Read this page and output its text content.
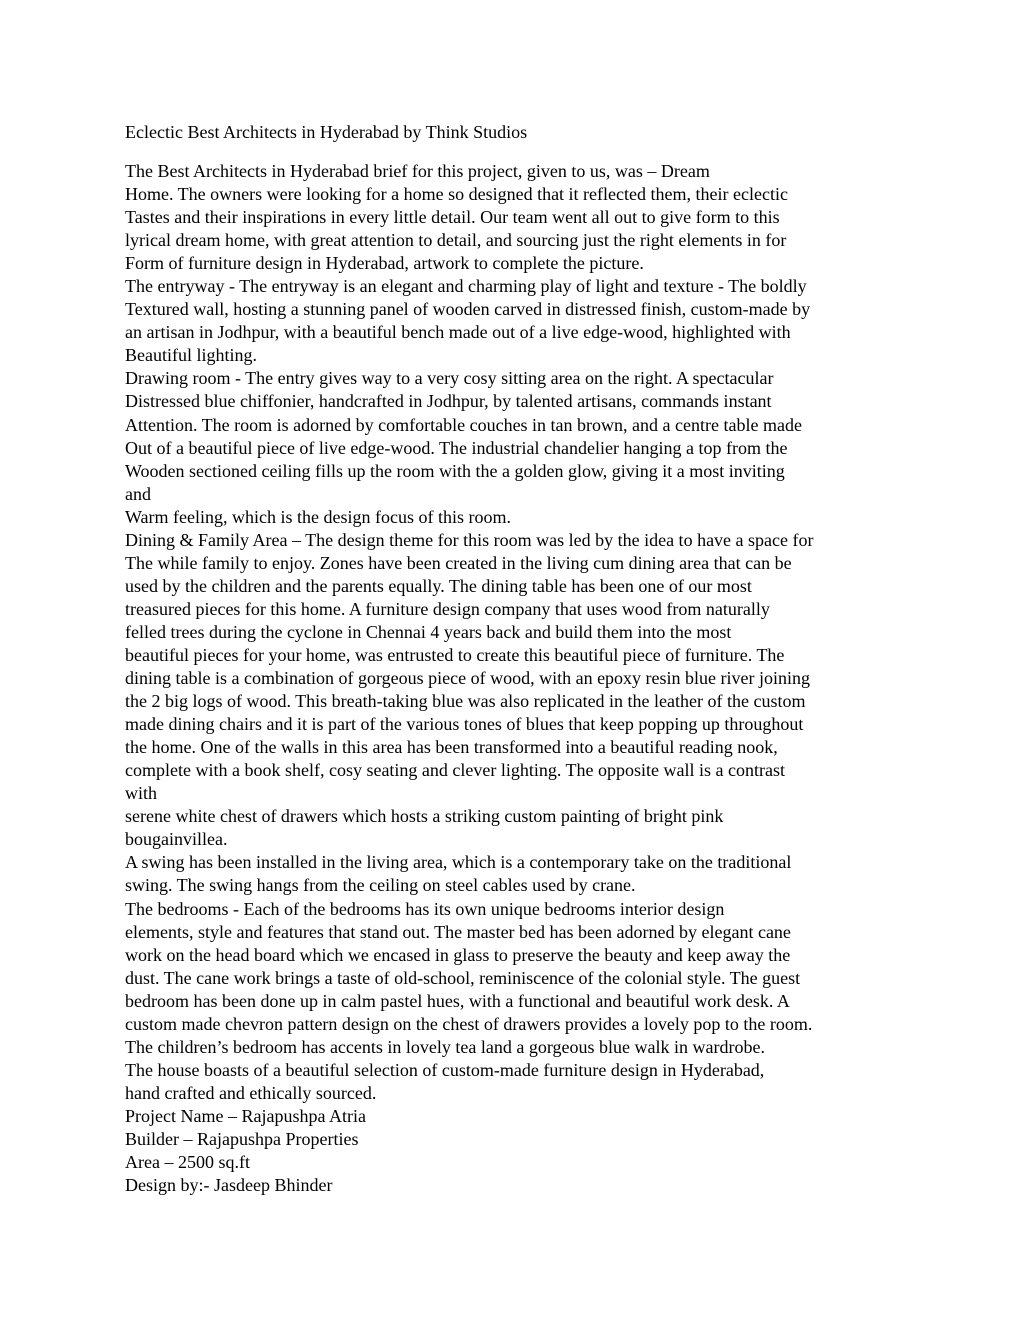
Eclectic Best Architects in Hyderabad by Think Studios
The Best Architects in Hyderabad brief for this project, given to us, was – Dream
Home. The owners were looking for a home so designed that it reflected them, their eclectic
Tastes and their inspirations in every little detail. Our team went all out to give form to this
lyrical dream home, with great attention to detail, and sourcing just the right elements in for
Form of furniture design in Hyderabad, artwork to complete the picture.
The entryway - The entryway is an elegant and charming play of light and texture - The boldly
Textured wall, hosting a stunning panel of wooden carved in distressed finish, custom-made by
an artisan in Jodhpur, with a beautiful bench made out of a live edge-wood, highlighted with
Beautiful lighting.
Drawing room - The entry gives way to a very cosy sitting area on the right. A spectacular
Distressed blue chiffonier, handcrafted in Jodhpur, by talented artisans, commands instant
Attention. The room is adorned by comfortable couches in tan brown, and a centre table made
Out of a beautiful piece of live edge-wood. The industrial chandelier hanging a top from the
Wooden sectioned ceiling fills up the room with the a golden glow, giving it a most inviting
and
Warm feeling, which is the design focus of this room.
Dining & Family Area – The design theme for this room was led by the idea to have a space for
The while family to enjoy. Zones have been created in the living cum dining area that can be
used by the children and the parents equally. The dining table has been one of our most
treasured pieces for this home. A furniture design company that uses wood from naturally
felled trees during the cyclone in Chennai 4 years back and build them into the most
beautiful pieces for your home, was entrusted to create this beautiful piece of furniture. The
dining table is a combination of gorgeous piece of wood, with an epoxy resin blue river joining
the 2 big logs of wood. This breath-taking blue was also replicated in the leather of the custom
made dining chairs and it is part of the various tones of blues that keep popping up throughout
the home. One of the walls in this area has been transformed into a beautiful reading nook,
complete with a book shelf, cosy seating and clever lighting. The opposite wall is a contrast
with
serene white chest of drawers which hosts a striking custom painting of bright pink
bougainvillea.
A swing has been installed in the living area, which is a contemporary take on the traditional
swing. The swing hangs from the ceiling on steel cables used by crane.
The bedrooms - Each of the bedrooms has its own unique bedrooms interior design
elements, style and features that stand out. The master bed has been adorned by elegant cane
work on the head board which we encased in glass to preserve the beauty and keep away the
dust. The cane work brings a taste of old-school, reminiscence of the colonial style. The guest
bedroom has been done up in calm pastel hues, with a functional and beautiful work desk. A
custom made chevron pattern design on the chest of drawers provides a lovely pop to the room.
The children’s bedroom has accents in lovely tea land a gorgeous blue walk in wardrobe.
The house boasts of a beautiful selection of custom-made furniture design in Hyderabad,
hand crafted and ethically sourced.
Project Name – Rajapushpa Atria
Builder – Rajapushpa Properties
Area – 2500 sq.ft
Design by:- Jasdeep Bhinder
